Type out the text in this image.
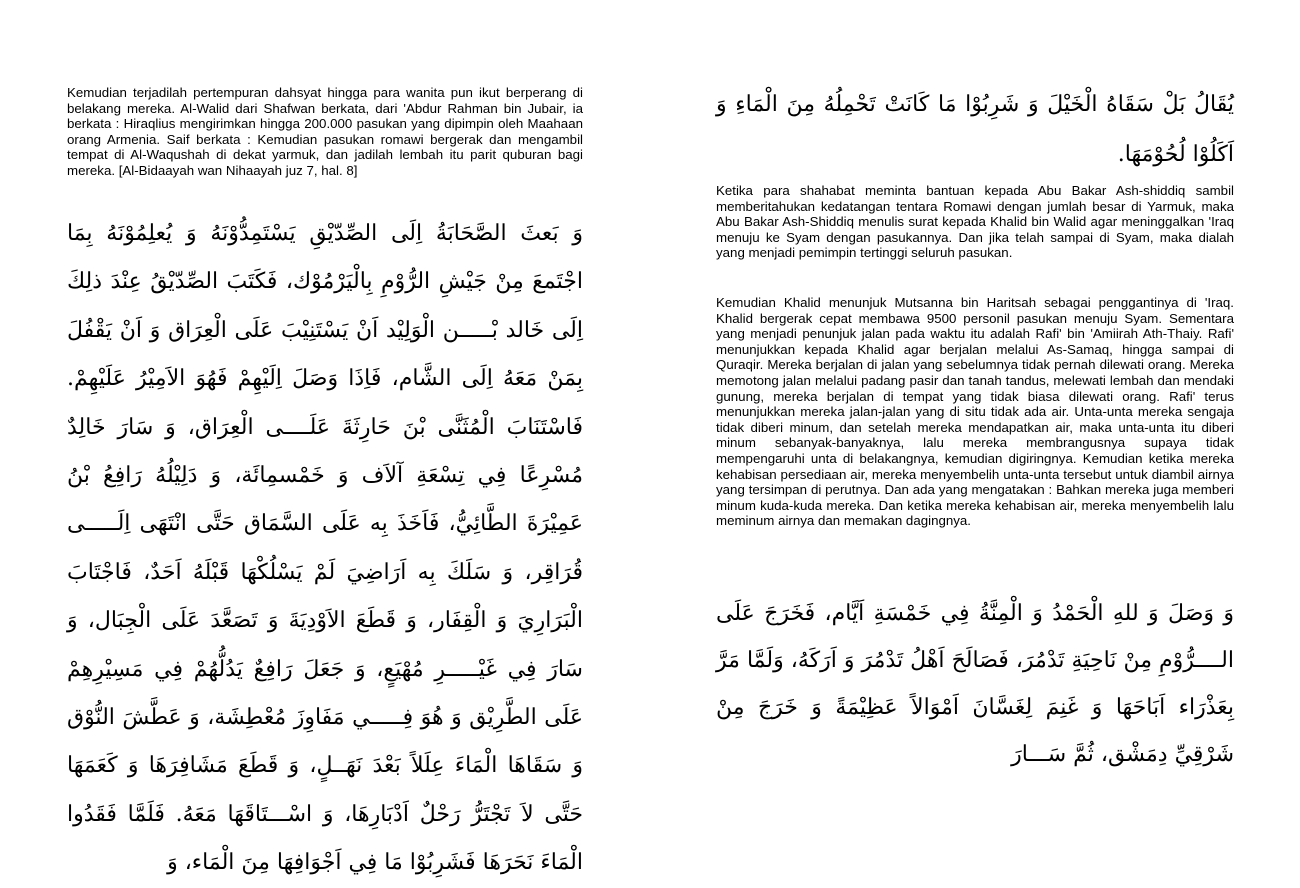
Kemudian terjadilah pertempuran dahsyat hingga para wanita pun ikut berperang di belakang mereka. Al-Walid dari Shafwan berkata, dari 'Abdur Rahman bin Jubair, ia berkata : Hiraqlius mengirimkan hingga 200.000 pasukan yang dipimpin oleh Maahaan orang Armenia. Saif berkata : Kemudian pasukan romawi bergerak dan mengambil tempat di Al-Waqushah di dekat yarmuk, dan jadilah lembah itu parit quburan bagi mereka. [Al-Bidaayah wan Nihaayah juz 7, hal. 8]

وَ بَعثَ الصَّحَابَةُ اِلَى الصِّدّيْقِ يَسْتَمِدُّوْنَهُ وَ يُعلِمُوْنَهُ بِمَا اجْتَمعَ مِنْ جَيْشِ الرُّوْمِ بِالْيَرْمُوْك، فَكَتَبَ الصِّدّيْقُ عِنْدَ ذلِكَ اِلَى خَالد بْـــــن الْوَلِيْد اَنْ يَسْتَنِيْبَ عَلَى الْعِرَاق وَ اَنْ يَقْفُلَ بِمَنْ مَعَهُ اِلَى الشَّام، فَاِذَا وَصَلَ اِلَيْهِمْ فَهُوَ الاَمِيْرُ عَلَيْهِمْ. فَاسْتَنَابَ الْمُثَنَّى بْنَ حَارِثَةَ عَلَــــى الْعِرَاق، وَ سَارَ خَالِدٌ مُسْرِعًا فِي تِسْعَةِ آلاَف وَ خَمْسمِائَة، وَ دَلِيْلُهُ رَافِعُ بْنُ عَمِيْرَةَ الطَّائِيُّ، فَاَخَذَ بِه عَلَى السَّمَاق حَتَّى انْتَهَى اِلَـــــى قُرَاقِر، وَ سَلَكَ بِه اَرَاضِيَ لَمْ يَسْلُكْهَا قَبْلَهُ اَحَدٌ، فَاجْتَابَ الْبَرَارِيَ وَ الْقِفَار، وَ قَطَعَ الاَوْدِيَةَ وَ تَصَعَّدَ عَلَى الْجِبَال، وَ سَارَ فِي غَيْـــــرِ مُهْيَعٍ، وَ جَعَلَ رَافِعٌ يَدُلُّهُمْ فِي مَسِيْرِهِمْ عَلَى الطَّرِيْق وَ هُوَ فِـــــي مَفَاوِزَ مُعْطِشَة، وَ عَطَّشَ النُّوْق وَ سَقَاهَا الْمَاءَ عِلَلاً بَعْدَ نَهَــلٍ، وَ قَطَعَ مَشَافِرَهَا وَ كَعَمَهَا حَتَّى لاَ تَجْتَرُّ رَحْلٌ اَدْبَارِهَا، وَ اسْـــتَاقَهَا مَعَهُ. فَلَمَّا فَقَدُوا الْمَاءَ نَحَرَهَا فَشَرِبُوْا مَا فِي اَجْوَافِهَا مِنَ الْمَاء، وَ

يُقَالُ بَلْ سَقَاهُ الْخَيْلَ وَ شَرِبُوْا مَا كَانَتْ تَحْمِلُهُ مِنَ الْمَاءِ وَ اَكَلُوْا لُحُوْمَهَا.

Ketika para shahabat meminta bantuan kepada Abu Bakar Ash-shiddiq sambil memberitahukan kedatangan tentara Romawi dengan jumlah besar di Yarmuk, maka Abu Bakar Ash-Shiddiq menulis surat kepada Khalid bin Walid agar meninggalkan 'Iraq menuju ke Syam dengan pasukannya. Dan jika telah sampai di Syam, maka dialah yang menjadi pemimpin tertinggi seluruh pasukan.

Kemudian Khalid menunjuk Mutsanna bin Haritsah sebagai penggantinya di 'Iraq. Khalid bergerak cepat membawa 9500 personil pasukan menuju Syam. Sementara yang menjadi penunjuk jalan pada waktu itu adalah Rafi' bin 'Amiirah Ath-Thaiy. Rafi' menunjukkan kepada Khalid agar berjalan melalui As-Samaq, hingga sampai di Quraqir. Mereka berjalan di jalan yang sebelumnya tidak pernah dilewati orang. Mereka memotong jalan melalui padang pasir dan tanah tandus, melewati lembah dan mendaki gunung, mereka berjalan di tempat yang tidak biasa dilewati orang. Rafi' terus menunjukkan mereka jalan-jalan yang di situ tidak ada air. Unta-unta mereka sengaja tidak diberi minum, dan setelah mereka mendapatkan air, maka unta-unta itu diberi minum sebanyak-banyaknya, lalu mereka membrangusnya supaya tidak mempengaruhi unta di belakangnya, kemudian digiringnya. Kemudian ketika mereka kehabisan persediaan air, mereka menyembelih unta-unta tersebut untuk diambil airnya yang tersimpan di perutnya. Dan ada yang mengatakan : Bahkan mereka juga memberi minum kuda-kuda mereka. Dan ketika mereka kehabisan air, mereka menyembelih lalu meminum airnya dan memakan dagingnya.

وَ وَصَلَ وَ للهِ الْحَمْدُ وَ الْمِنَّةُ فِي خَمْسَةِ اَيَّام، فَخَرَجَ عَلَى الــــرُّوْمِ مِنْ نَاحِيَةِ تَدْمُرَ، فَصَالَحَ اَهْلُ تَدْمُرَ وَ اَرَكَهُ، وَلَمَّا مَرَّ بِعَذْرَاء اَبَاحَهَا وَ غَنِمَ لِغَسَّانَ اَمْوَالاً عَظِيْمَةً وَ خَرَجَ مِنْ شَرْقِيِّ دِمَشْق، ثُمَّ سَـــارَ
